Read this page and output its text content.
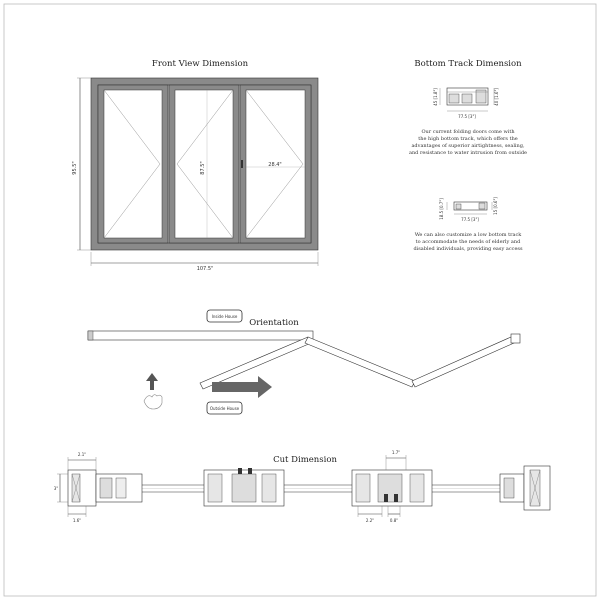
Front View Dimension
95.5"	87.5"	28.4"
107.5"
Bottom Track Dimension
45 [1.8"]	40 [1.6"]
77.5 [3"]
Our current folding doors come with
the high bottom track, which offers the
advantages of superior airtightness, sealing,
and resistance to water intrusion from outside
18.5 [0.7"]	15 [0.6"]
77.5 [3"]
We can also customize a low bottom track
to accommodate the needs of elderly and
disabled individuals, providing easy access
Inside House
Orientation
Outside House
Cut Dimension
2.1"
3"
1.6"
1.7"
2.2"	0.8"
